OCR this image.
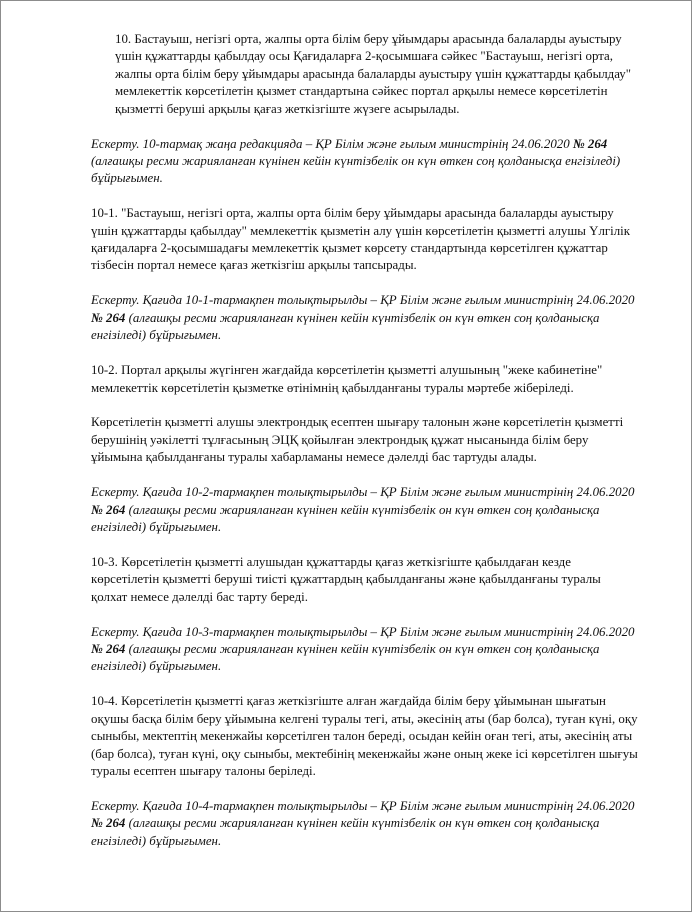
10. Бастауыш, негізгі орта, жалпы орта білім беру ұйымдары арасында балаларды ауыстыру үшін құжаттарды қабылдау осы Қағидаларға 2-қосымшаға сәйкес "Бастауыш, негізгі орта, жалпы орта білім беру ұйымдары арасында балаларды ауыстыру үшін құжаттарды қабылдау" мемлекеттік көрсетілетін қызмет стандартына сәйкес портал арқылы немесе көрсетілетін қызметті беруші арқылы қағаз жеткізгіште жүзеге асырылады.

Ескерту. 10-тармақ жаңа редакцияда – ҚР Білім және ғылым министрінің 24.06.2020 № 264 (алғашқы ресми жарияланған күнінен кейін күнтізбелік он күн өткен соң қолданысқа енгізіледі) бұйрығымен.

10-1. "Бастауыш, негізгі орта, жалпы орта білім беру ұйымдары арасында балаларды ауыстыру үшін құжаттарды қабылдау" мемлекеттік қызметін алу үшін көрсетілетін қызметті алушы Үлгілік қағидаларға 2-қосымшадағы мемлекеттік қызмет көрсету стандартында көрсетілген құжаттар тізбесін портал немесе қағаз жеткізгіш арқылы тапсырады.

Ескерту. Қағида 10-1-тармақпен толықтырылды – ҚР Білім және ғылым министрінің 24.06.2020 № 264 (алғашқы ресми жарияланған күнінен кейін күнтізбелік он күн өткен соң қолданысқа енгізіледі) бұйрығымен.

10-2. Портал арқылы жүгінген жағдайда көрсетілетін қызметті алушының "жеке кабинетіне" мемлекеттік көрсетілетін қызметке өтінімнің қабылданғаны туралы мәртебе жіберіледі.

Көрсетілетін қызметті алушы электрондық есептен шығару талонын және көрсетілетін қызметті берушінің уәкілетті тұлғасының ЭЦҚ қойылған электрондық құжат нысанында білім беру ұйымына қабылданғаны туралы хабарламаны немесе дәлелді бас тартуды алады.

Ескерту. Қағида 10-2-тармақпен толықтырылды – ҚР Білім және ғылым министрінің 24.06.2020 № 264 (алғашқы ресми жарияланған күнінен кейін күнтізбелік он күн өткен соң қолданысқа енгізіледі) бұйрығымен.

10-3. Көрсетілетін қызметті алушыдан құжаттарды қағаз жеткізгіште қабылдаған кезде көрсетілетін қызметті беруші тиісті құжаттардың қабылданғаны және қабылданғаны туралы қолхат немесе дәлелді бас тарту береді.

Ескерту. Қағида 10-3-тармақпен толықтырылды – ҚР Білім және ғылым министрінің 24.06.2020 № 264 (алғашқы ресми жарияланған күнінен кейін күнтізбелік он күн өткен соң қолданысқа енгізіледі) бұйрығымен.

10-4. Көрсетілетін қызметті қағаз жеткізгіште алған жағдайда білім беру ұйымынан шығатын оқушы басқа білім беру ұйымына келгені туралы тегі, аты, әкесінің аты (бар болса), туған күні, оқу сыныбы, мектептің мекенжайы көрсетілген талон береді, осыдан кейін оған тегі, аты, әкесінің аты (бар болса), туған күні, оқу сыныбы, мектебінің мекенжайы және оның жеке ісі көрсетілген шығуы туралы есептен шығару талоны беріледі.

Ескерту. Қағида 10-4-тармақпен толықтырылды – ҚР Білім және ғылым министрінің 24.06.2020 № 264 (алғашқы ресми жарияланған күнінен кейін күнтізбелік он күн өткен соң қолданысқа енгізіледі) бұйрығымен.
